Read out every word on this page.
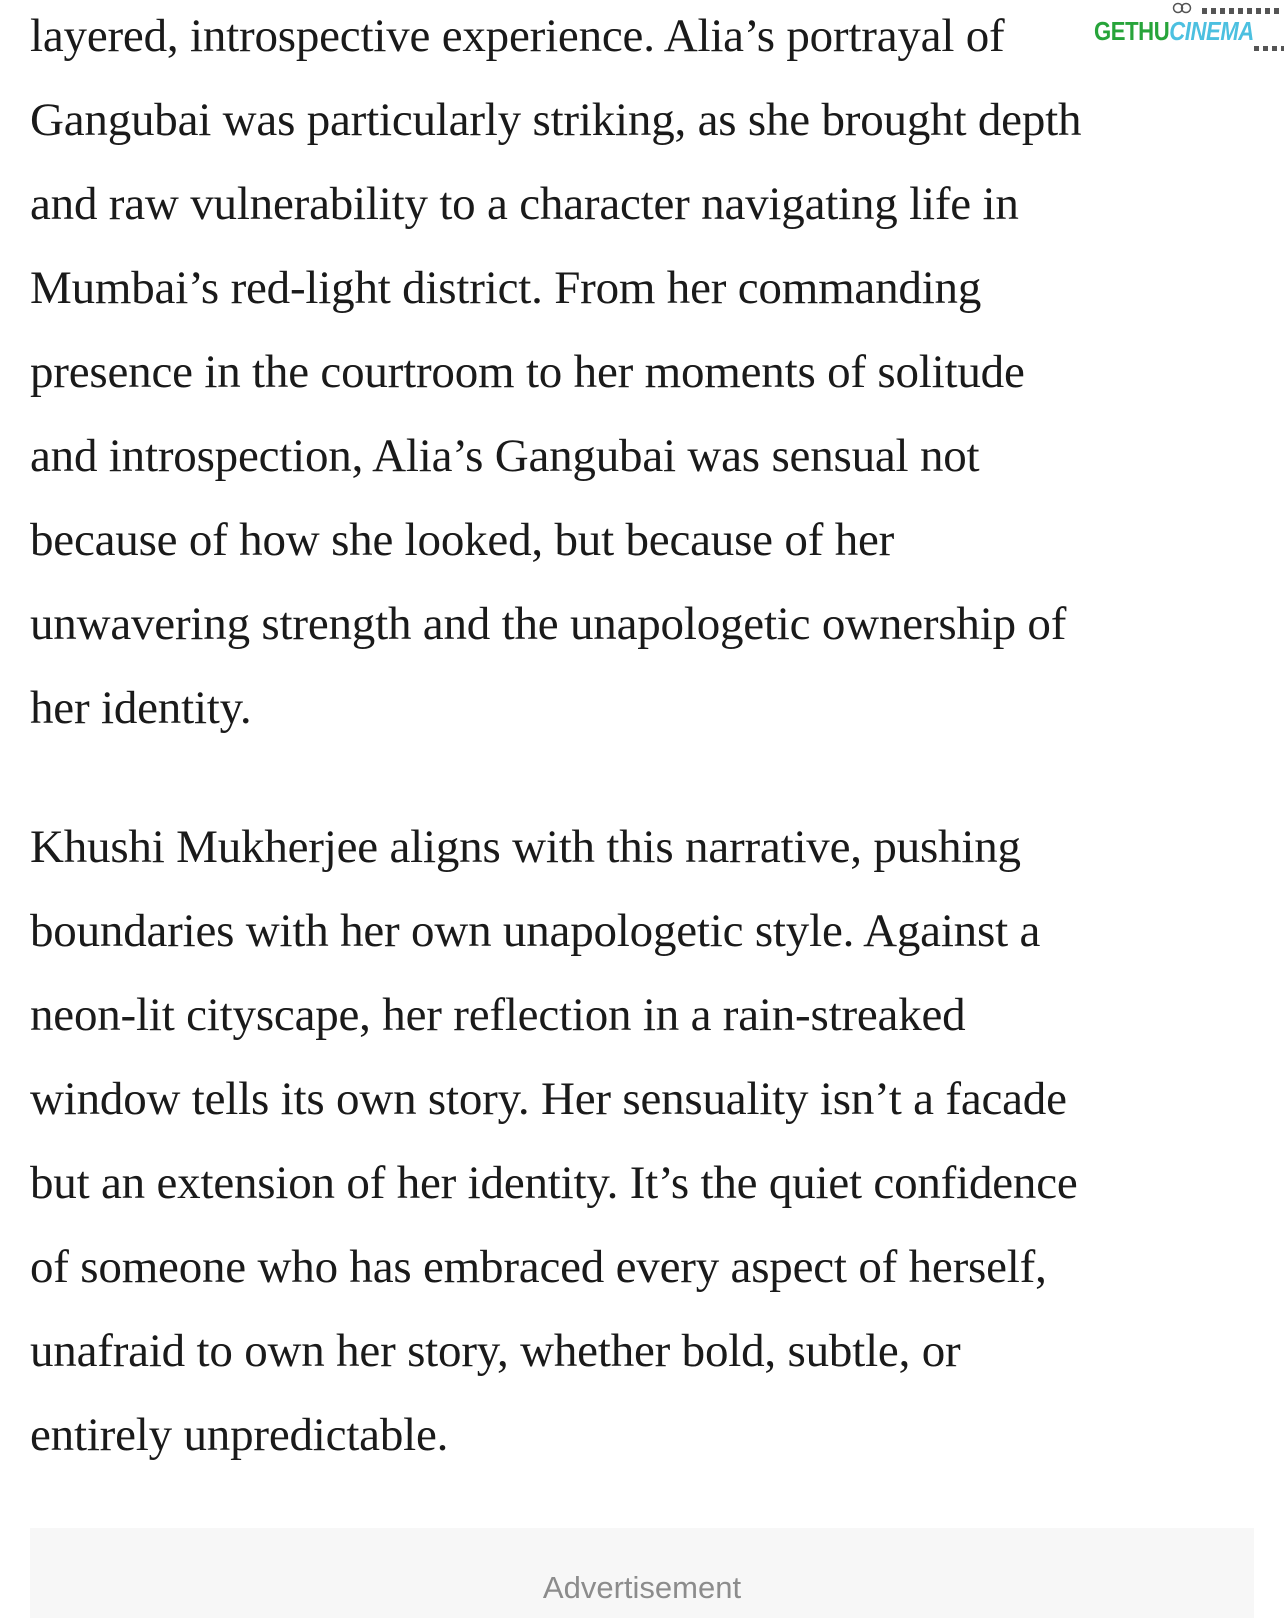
layered, introspective experience. Alia’s portrayal of
Gangubai was particularly striking, as she brought depth
and raw vulnerability to a character navigating life in
Mumbai’s red-light district. From her commanding
presence in the courtroom to her moments of solitude
and introspection, Alia’s Gangubai was sensual not
because of how she looked, but because of her
unwavering strength and the unapologetic ownership of
her identity.
Khushi Mukherjee aligns with this narrative, pushing
boundaries with her own unapologetic style. Against a
neon-lit cityscape, her reflection in a rain-streaked
window tells its own story. Her sensuality isn’t a facade
but an extension of her identity. It’s the quiet confidence
of someone who has embraced every aspect of herself,
unafraid to own her story, whether bold, subtle, or
entirely unpredictable.
Advertisement
GETHUCINEMA
